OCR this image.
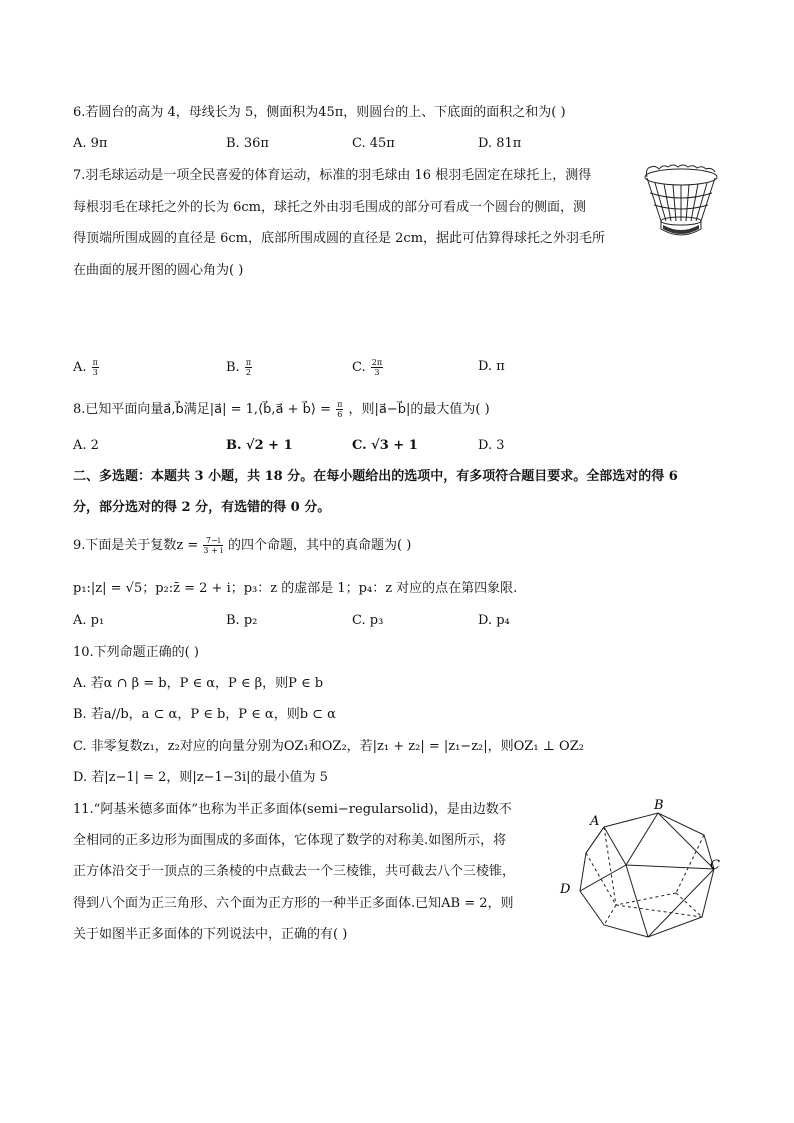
6.若圆台的高为 4，母线长为 5，侧面积为45π，则圆台的上、下底面的面积之和为( )
A. 9π	B. 36π	C. 45π	D. 81π
7.羽毛球运动是一项全民喜爱的体育运动，标准的羽毛球由 16 根羽毛固定在球托上，测得
每根羽毛在球托之外的长为 6cm，球托之外由羽毛围成的部分可看成一个圆台的侧面，测
得顶端所围成圆的直径是 6cm，底部所围成圆的直径是 2cm，据此可估算得球托之外羽毛所
在曲面的展开图的圆心角为( )
A. $\frac{\pi}{3}$	B. $\frac{\pi}{2}$	C. $\frac{2\pi}{3}$	D. π
8.已知平面向量a⃗,b⃗满足|a⃗| = 1,⟨b⃗,a⃗ + b⃗⟩ = $\frac{\pi}{6}$ ，则|a⃗−b⃗|的最大值为( )
A. 2	B. √2 + 1	C. √3 + 1	D. 3
二、多选题：本题共 3 小题，共 18 分。在每小题给出的选项中，有多项符合题目要求。全部选对的得 6
分，部分选对的得 2 分，有选错的得 0 分。
9.下面是关于复数$z = \frac{7-i}{3 + i}$ 的四个命题，其中的真命题为( )
p₁:|z| = √5；p₂:z̄ = 2 + i；p₃：z 的虚部是 1；p₄：z 对应的点在第四象限.
A. p₁	B. p₂	C. p₃	D. p₄
10.下列命题正确的( )
A. 若α ∩ β = b，P ∈ α，P ∈ β，则P ∈ b
B. 若a//b，a ⊂ α，P ∈ b，P ∈ α，则b ⊂ α
C. 非零复数z₁，z₂对应的向量分别为OZ₁和OZ₂，若|z₁ + z₂| = |z₁−z₂|，则OZ₁ ⊥ OZ₂
D. 若|z−1| = 2，则|z−1−3i|的最小值为 5
11.“阿基米德多面体”也称为半正多面体(semi−regularsolid)，是由边数不
全相同的正多边形为面围成的多面体，它体现了数学的对称美.如图所示，将
正方体沿交于一顶点的三条棱的中点截去一个三棱锥，共可截去八个三棱锥，
得到八个面为正三角形、六个面为正方形的一种半正多面体.已知AB = 2，则
关于如图半正多面体的下列说法中，正确的有( )
A
B
C
D
